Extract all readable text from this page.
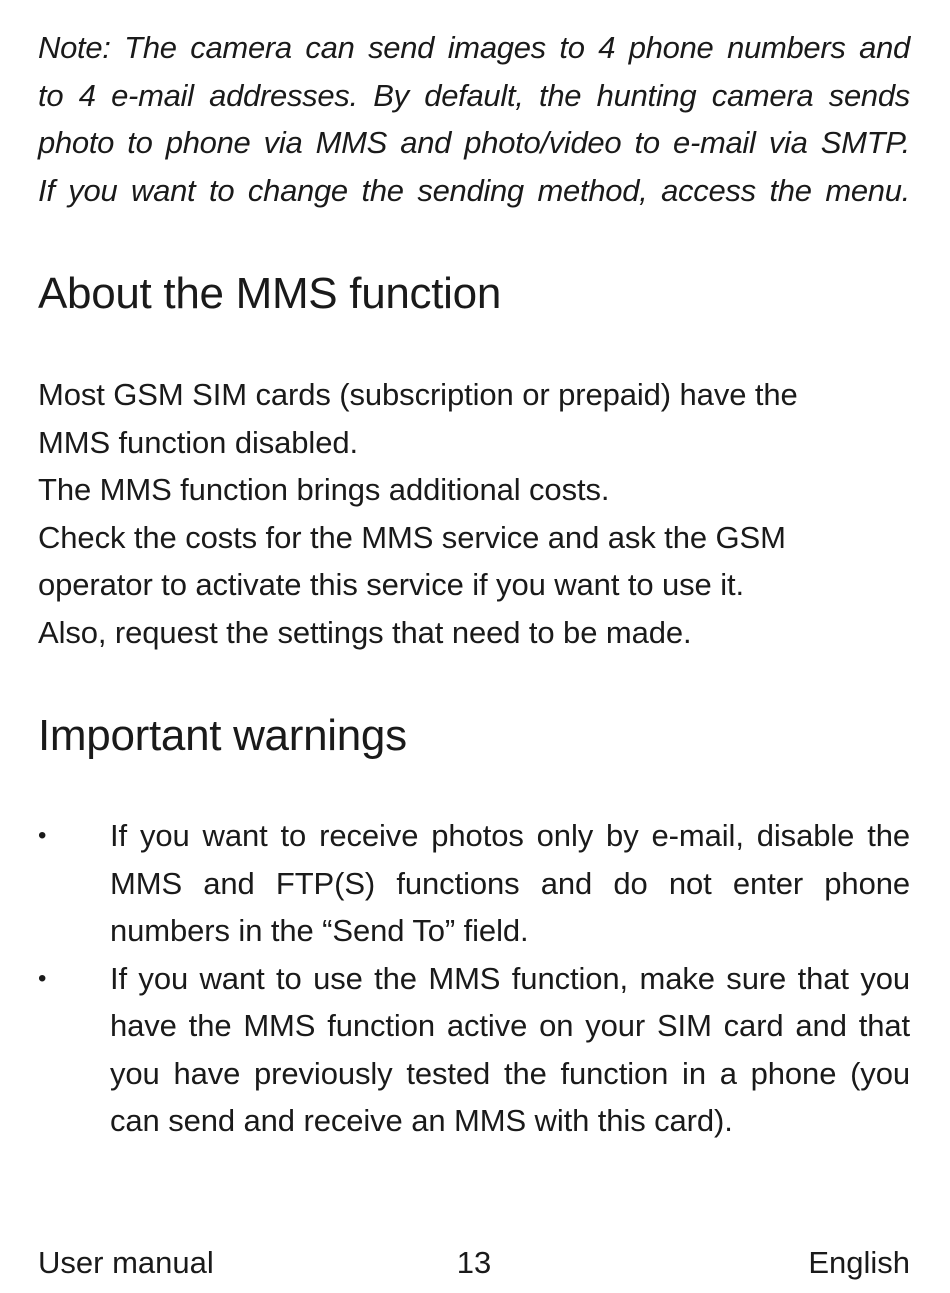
Note: The camera can send images to 4 phone numbers and
to 4 e-mail addresses. By default, the hunting camera sends
photo to phone via MMS and photo/video to e-mail via SMTP.
If you want to change the sending method, access the menu.
About the MMS function
Most GSM SIM cards (subscription or prepaid) have the
MMS function disabled.
The MMS function brings additional costs.
Check the costs for the MMS service and ask the GSM
operator to activate this service if you want to use it.
Also, request the settings that need to be made.
Important warnings
• If you want to receive photos only by e-mail, disable the MMS and FTP(S) functions and do not enter phone numbers in the “Send To” field.
• If you want to use the MMS function, make sure that you have the MMS function active on your SIM card and that you have previously tested the function in a phone (you can send and receive an MMS with this card).
User manual	13	English
